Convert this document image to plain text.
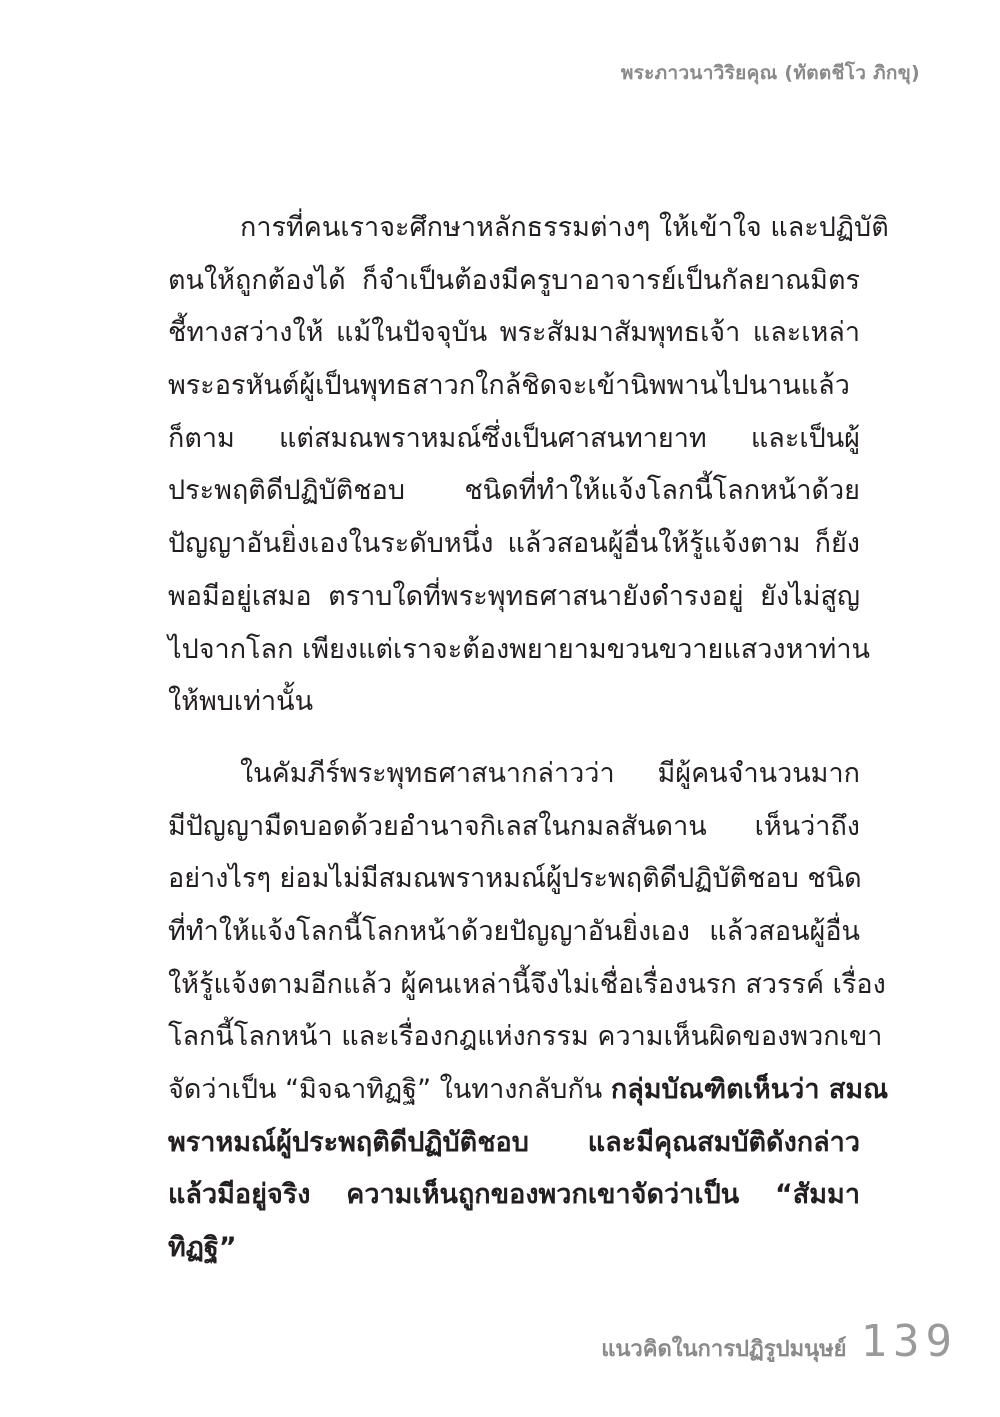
พระภาวนาวิริยคุณ (ทัตตชีโว ภิกขุ)
การที่คนเราจะศึกษาหลักธรรมต่างๆ ให้เข้าใจ และปฏิบัติ
ตนให้ถูกต้องได้ ก็จำเป็นต้องมีครูบาอาจารย์เป็นกัลยาณมิตร
ชี้ทางสว่างให้ แม้ในปัจจุบัน พระสัมมาสัมพุทธเจ้า และเหล่า
พระอรหันต์ผู้เป็นพุทธสาวกใกล้ชิดจะเข้านิพพานไปนานแล้ว
ก็ตาม แต่สมณพราหมณ์ซึ่งเป็นศาสนทายาท และเป็นผู้
ประพฤติดีปฏิบัติชอบ ชนิดที่ทำให้แจ้งโลกนี้โลกหน้าด้วย
ปัญญาอันยิ่งเองในระดับหนึ่ง แล้วสอนผู้อื่นให้รู้แจ้งตาม ก็ยัง
พอมีอยู่เสมอ ตราบใดที่พระพุทธศาสนายังดำรงอยู่ ยังไม่สูญ
ไปจากโลก เพียงแต่เราจะต้องพยายามขวนขวายแสวงหาท่าน
ให้พบเท่านั้น
ในคัมภีร์พระพุทธศาสนากล่าวว่า มีผู้คนจำนวนมาก
มีปัญญามืดบอดด้วยอำนาจกิเลสในกมลสันดาน เห็นว่าถึง
อย่างไรๆ ย่อมไม่มีสมณพราหมณ์ผู้ประพฤติดีปฏิบัติชอบ ชนิด
ที่ทำให้แจ้งโลกนี้โลกหน้าด้วยปัญญาอันยิ่งเอง แล้วสอนผู้อื่น
ให้รู้แจ้งตามอีกแล้ว ผู้คนเหล่านี้จึงไม่เชื่อเรื่องนรก สวรรค์ เรื่อง
โลกนี้โลกหน้า และเรื่องกฎแห่งกรรม ความเห็นผิดของพวกเขา
จัดว่าเป็น “มิจฉาทิฏฐิ” ในทางกลับกัน กลุ่มบัณฑิตเห็นว่า สมณ
พราหมณ์ผู้ประพฤติดีปฏิบัติชอบ และมีคุณสมบัติดังกล่าว
แล้วมีอยู่จริง ความเห็นถูกของพวกเขาจัดว่าเป็น “สัมมา
ทิฏฐิ”
แนวคิดในการปฏิรูปมนุษย์ 139
